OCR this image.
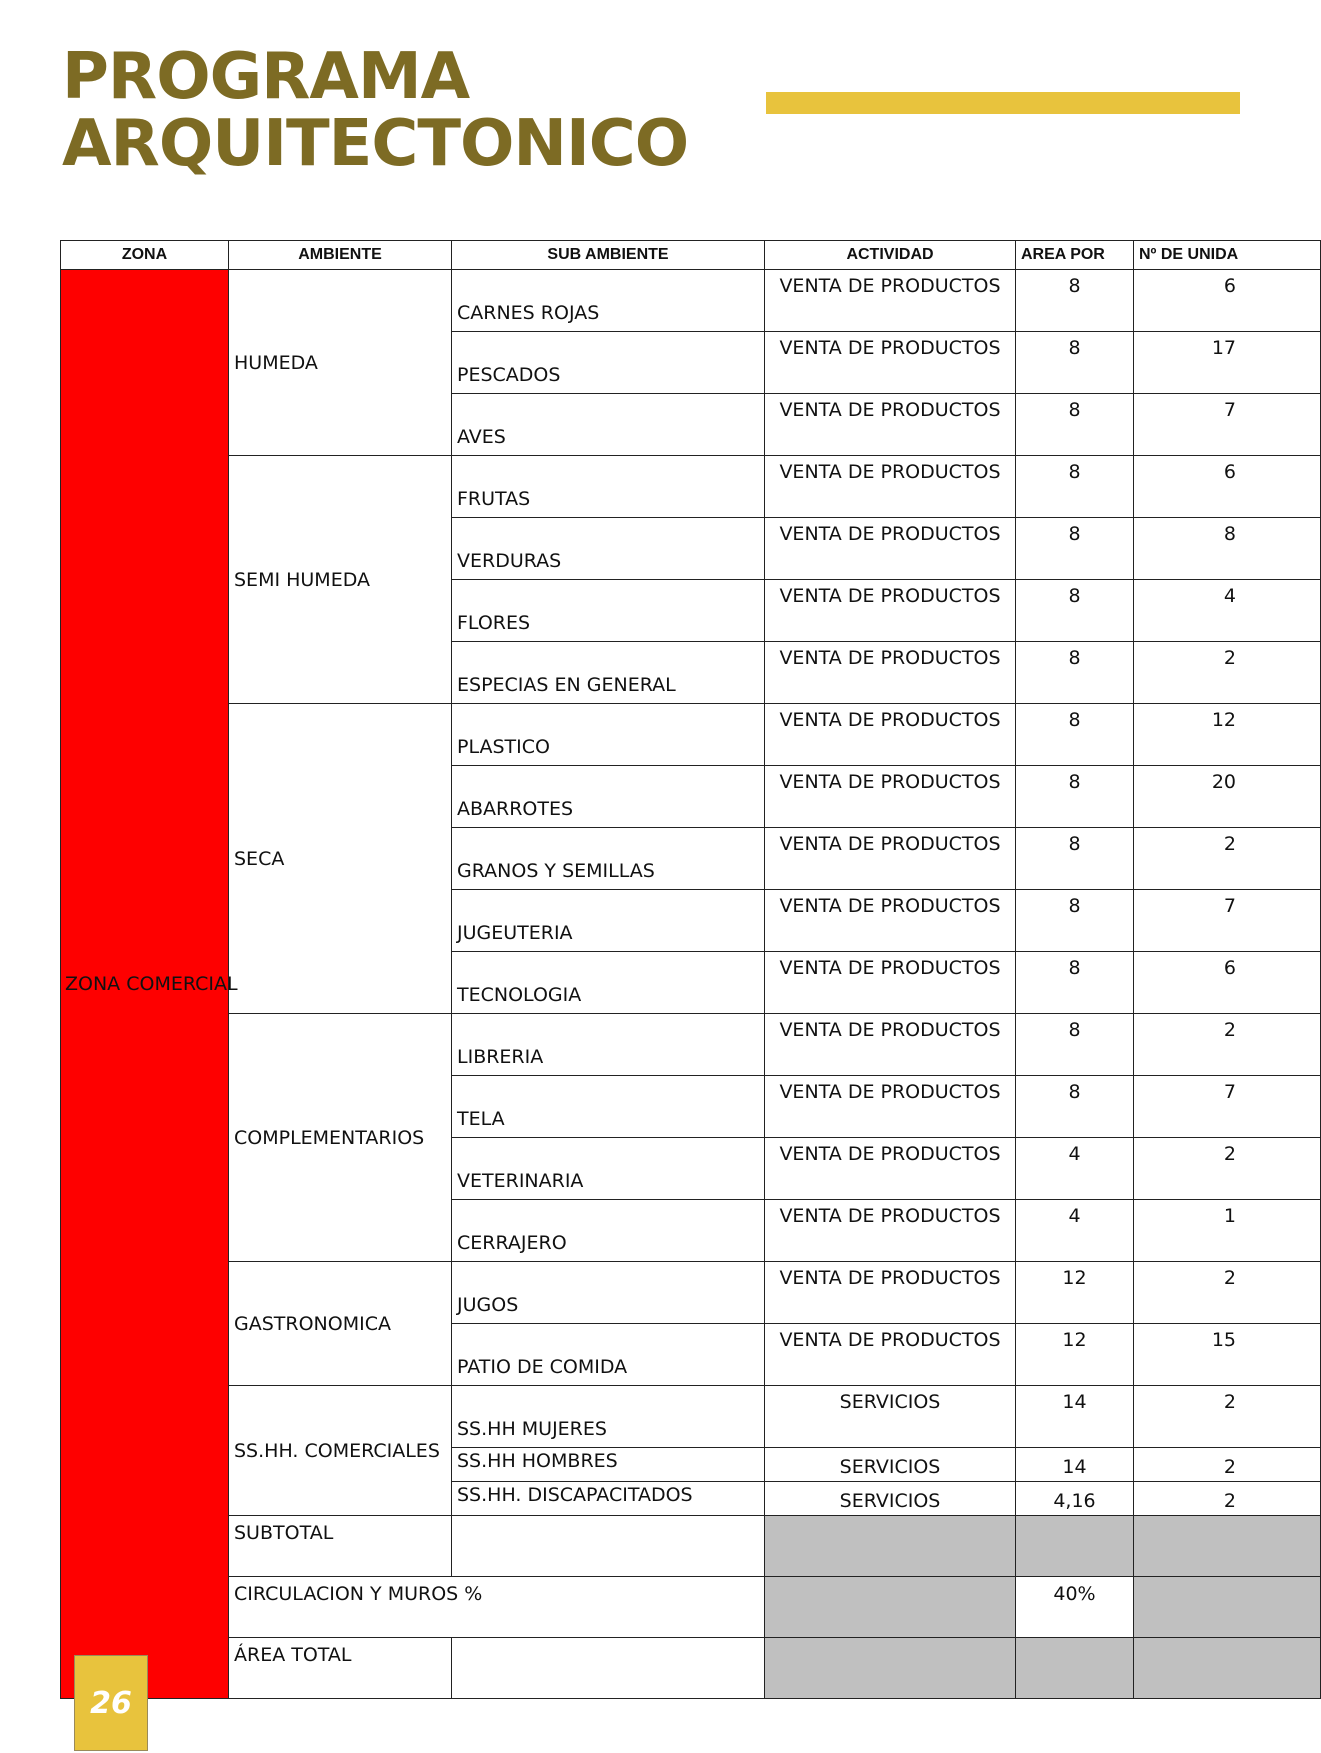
PROGRAMA
ARQUITECTONICO
ZONA	AMBIENTE	SUB AMBIENTE	ACTIVIDAD	AREA POR	Nº DE UNIDA
ZONA COMERCIAL	HUMEDA	CARNES ROJAS	VENTA DE PRODUCTOS	8	6
		PESCADOS	VENTA DE PRODUCTOS	8	17
		AVES	VENTA DE PRODUCTOS	8	7
	SEMI HUMEDA	FRUTAS	VENTA DE PRODUCTOS	8	6
		VERDURAS	VENTA DE PRODUCTOS	8	8
		FLORES	VENTA DE PRODUCTOS	8	4
		ESPECIAS EN GENERAL	VENTA DE PRODUCTOS	8	2
	SECA	PLASTICO	VENTA DE PRODUCTOS	8	12
		ABARROTES	VENTA DE PRODUCTOS	8	20
		GRANOS Y SEMILLAS	VENTA DE PRODUCTOS	8	2
		JUGEUTERIA	VENTA DE PRODUCTOS	8	7
		TECNOLOGIA	VENTA DE PRODUCTOS	8	6
	COMPLEMENTARIOS	LIBRERIA	VENTA DE PRODUCTOS	8	2
		TELA	VENTA DE PRODUCTOS	8	7
		VETERINARIA	VENTA DE PRODUCTOS	4	2
		CERRAJERO	VENTA DE PRODUCTOS	4	1
	GASTRONOMICA	JUGOS	VENTA DE PRODUCTOS	12	2
		PATIO DE COMIDA	VENTA DE PRODUCTOS	12	15
	SS.HH. COMERCIALES	SS.HH MUJERES	SERVICIOS	14	2
		SS.HH HOMBRES	SERVICIOS	14	2
		SS.HH. DISCAPACITADOS	SERVICIOS	4,16	2
	SUBTOTAL				
	CIRCULACION Y MUROS %			40%	
	ÁREA TOTAL				
26
